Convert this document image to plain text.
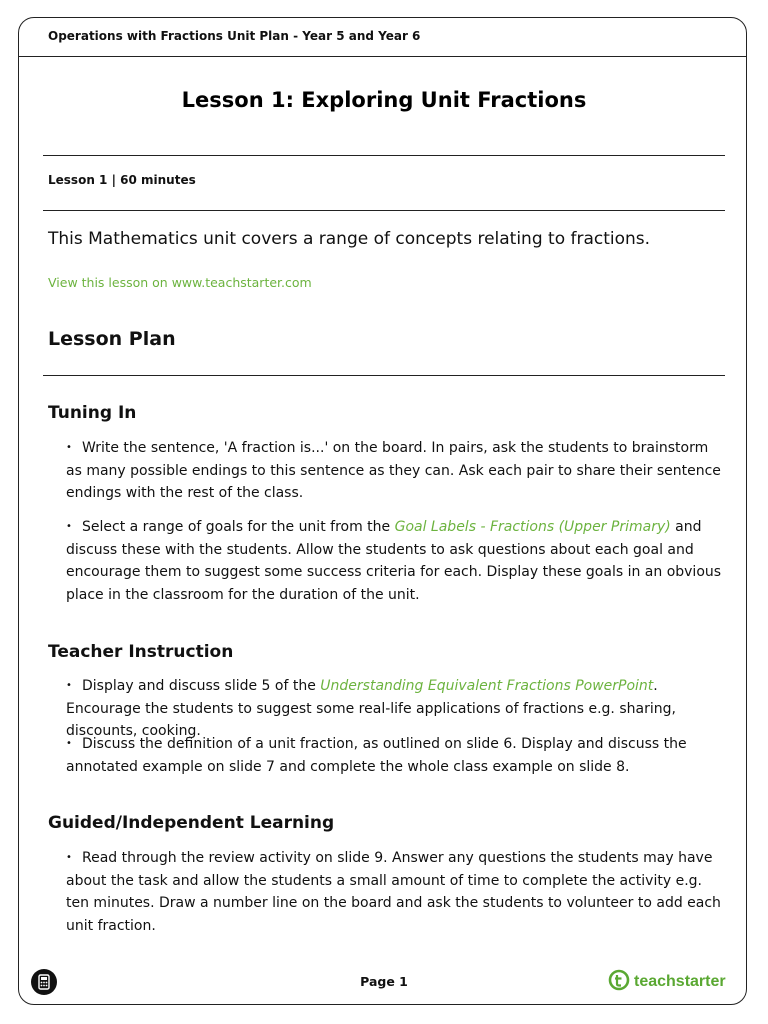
Operations with Fractions Unit Plan - Year 5 and Year 6
Lesson 1: Exploring Unit Fractions
Lesson 1 | 60 minutes
This Mathematics unit covers a range of concepts relating to fractions.
View this lesson on www.teachstarter.com
Lesson Plan
Tuning In
• Write the sentence, 'A fraction is...' on the board. In pairs, ask the students to brainstorm as many possible endings to this sentence as they can. Ask each pair to share their sentence endings with the rest of the class.
• Select a range of goals for the unit from the Goal Labels - Fractions (Upper Primary) and discuss these with the students. Allow the students to ask questions about each goal and encourage them to suggest some success criteria for each. Display these goals in an obvious place in the classroom for the duration of the unit.
Teacher Instruction
• Display and discuss slide 5 of the Understanding Equivalent Fractions PowerPoint. Encourage the students to suggest some real-life applications of fractions e.g. sharing, discounts, cooking.
• Discuss the definition of a unit fraction, as outlined on slide 6. Display and discuss the annotated example on slide 7 and complete the whole class example on slide 8.
Guided/Independent Learning
• Read through the review activity on slide 9. Answer any questions the students may have about the task and allow the students a small amount of time to complete the activity e.g. ten minutes. Draw a number line on the board and ask the students to volunteer to add each unit fraction.
Page 1	teachstarter
